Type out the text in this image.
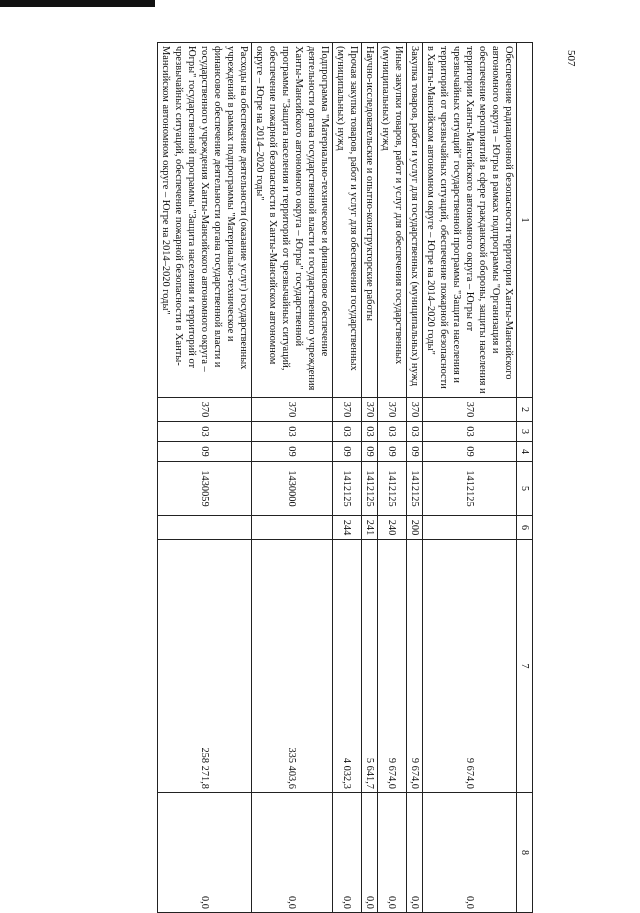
507
1	2	3	4	5	6	7	8
Обеспечение радиационной безопасности территории Ханты-Мансийского автономного округа – Югры в рамках подпрограммы "Организация и обеспечение мероприятий в сфере гражданской обороны, защиты населения и территории Ханты-Мансийского автономного округа – Югры от чрезвычайных ситуаций" государственной программы "Защита населения и территорий от чрезвычайных ситуаций, обеспечение пожарной безопасности в Ханты-Мансийском автономном округе – Югре на 2014–2020 годы"	370	03	09	1412125		9 674,0	0,0
Закупка товаров, работ и услуг для государственных (муниципальных) нужд	370	03	09	1412125	200	9 674,0	0,0
Иные закупки товаров, работ и услуг для обеспечения государственных (муниципальных) нужд	370	03	09	1412125	240	9 674,0	0,0
Научно-исследовательские и опытно-конструкторские работы	370	03	09	1412125	241	5 641,7	0,0
Прочая закупка товаров, работ и услуг для обеспечения государственных (муниципальных) нужд	370	03	09	1412125	244	4 032,3	0,0
Подпрограмма "Материально-техническое и финансовое обеспечение деятельности органа государственной власти и государственного учреждения Ханты-Мансийского автономного округа – Югры" государственной программы "Защита населения и территорий от чрезвычайных ситуаций, обеспечение пожарной безопасности в Ханты-Мансийском автономном округе – Югре на 2014–2020 годы"	370	03	09	1430000		335 403,6	0,0
Расходы на обеспечение деятельности (оказание услуг) государственных учреждений в рамках подпрограммы "Материально-техническое и финансовое обеспечение деятельности органа государственной власти и государственного учреждения Ханты-Мансийского автономного округа – Югры" государственной программы "Защита населения и территорий от чрезвычайных ситуаций, обеспечение пожарной безопасности в Ханты-Мансийском автономном округе – Югре на 2014–2020 годы"	370	03	09	1430059		258 271,8	0,0
